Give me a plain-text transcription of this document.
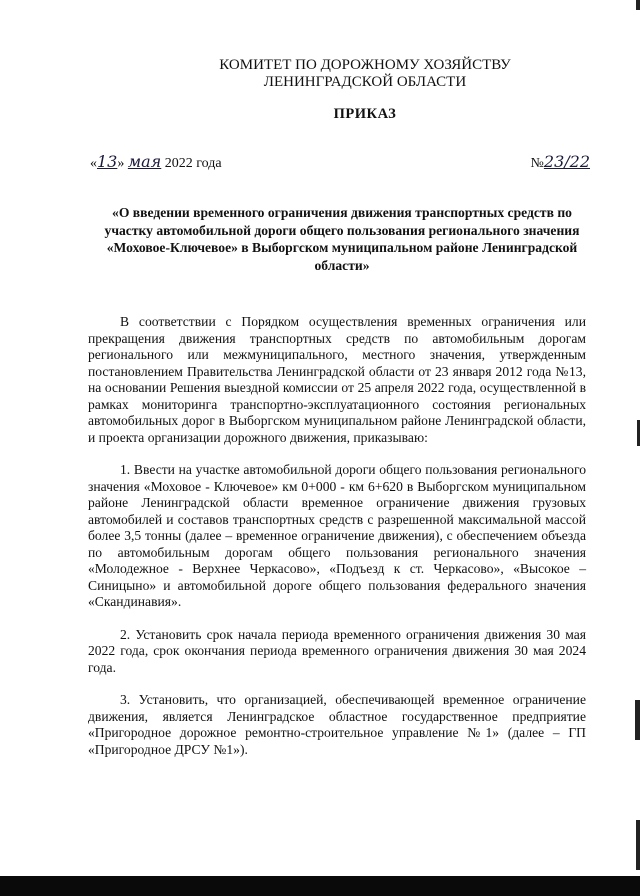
КОМИТЕТ ПО ДОРОЖНОМУ ХОЗЯЙСТВУ
ЛЕНИНГРАДСКОЙ ОБЛАСТИ
ПРИКАЗ
«13» мая 2022 года	№23/22
«О введении временного ограничения движения транспортных средств по участку автомобильной дороги общего пользования регионального значения «Моховое-Ключевое» в Выборгском муниципальном районе Ленинградской области»

В соответствии с Порядком осуществления временных ограничения или прекращения движения транспортных средств по автомобильным дорогам регионального или межмуниципального, местного значения, утвержденным постановлением Правительства Ленинградской области от 23 января 2012 года №13, на основании Решения выездной комиссии от 25 апреля 2022 года, осуществленной в рамках мониторинга транспортно-эксплуатационного состояния региональных автомобильных дорог в Выборгском муниципальном районе Ленинградской области, и проекта организации дорожного движения, приказываю:

1. Ввести на участке автомобильной дороги общего пользования регионального значения «Моховое - Ключевое» км 0+000 - км 6+620 в Выборгском муниципальном районе Ленинградской области временное ограничение движения грузовых автомобилей и составов транспортных средств с разрешенной максимальной массой более 3,5 тонны (далее – временное ограничение движения), с обеспечением объезда по автомобильным дорогам общего пользования регионального значения «Молодежное - Верхнее Черкасово», «Подъезд к ст. Черкасово», «Высокое – Синицыно» и автомобильной дороге общего пользования федерального значения «Скандинавия».

2. Установить срок начала периода временного ограничения движения 30 мая 2022 года, срок окончания периода временного ограничения движения 30 мая 2024 года.

3. Установить, что организацией, обеспечивающей временное ограничение движения, является Ленинградское областное государственное предприятие «Пригородное дорожное ремонтно-строительное управление №1» (далее – ГП «Пригородное ДРСУ №1»).
